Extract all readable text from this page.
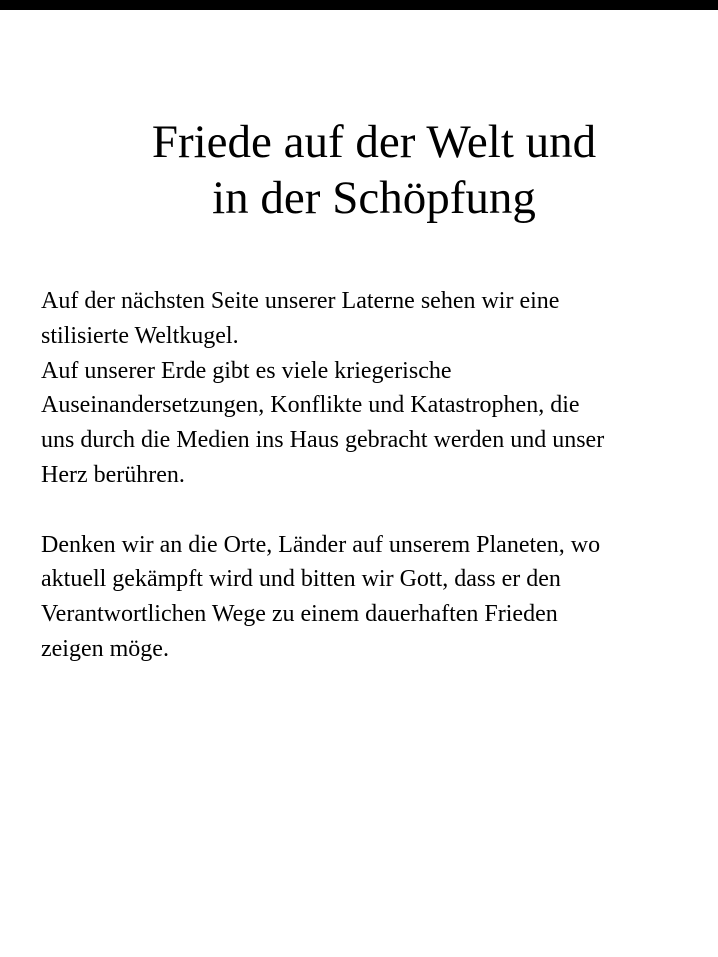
Friede auf der Welt und
in der Schöpfung

Auf der nächsten Seite unserer Laterne sehen wir eine

stilisierte Weltkugel.

Auf unserer Erde gibt es viele kriegerische

Auseinandersetzungen, Konflikte und Katastrophen, die

uns durch die Medien ins Haus gebracht werden und unser

Herz berühren.

Denken wir an die Orte, Länder auf unserem Planeten, wo

aktuell gekämpft wird und bitten wir Gott, dass er den

Verantwortlichen Wege zu einem dauerhaften Frieden

zeigen möge.
